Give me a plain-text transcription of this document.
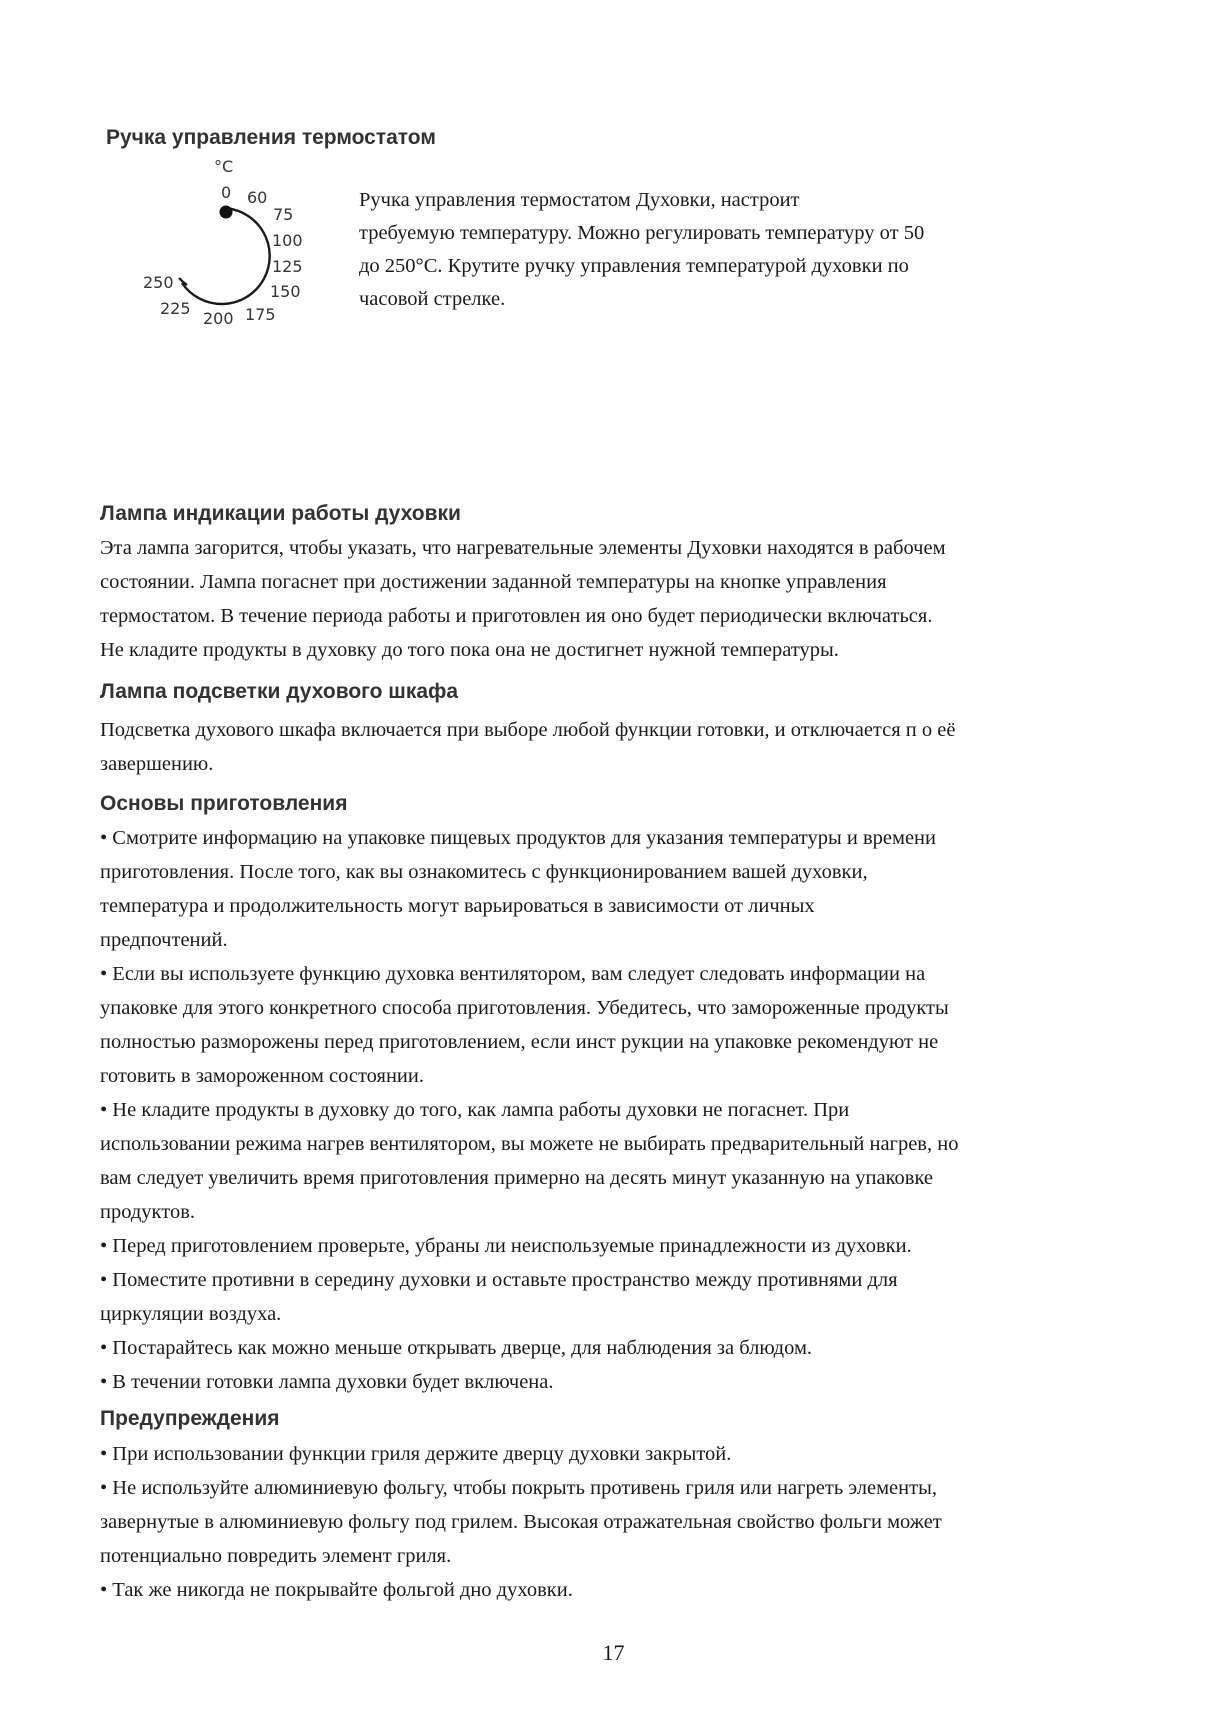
Ручка управления термостатом
°C
0 60
75
100
125
150
175
200
225
250

Ручка управления термостатом Духовки, настроит

требуемую температуру. Можно регулировать температуру от 50

до 250°C. Крутите ручку управления температурой духовки по

часовой стрелке.

Лампа индикации работы духовки

Эта лампа загорится, чтобы указать, что нагревательные элементы Духовки находятся в рабочем

состоянии. Лампа погаснет при достижении заданной температуры на кнопке управления

термостатом. В течение периода работы и приготовлен ия оно будет периодически включаться.

Не кладите продукты в духовку до того пока она не достигнет нужной температуры.

Лампа подсветки духового шкафа

Подсветка духового шкафа включается при выборе любой функции готовки, и отключается п о её

завершению.

Основы приготовления

• Смотрите информацию на упаковке пищевых продуктов для указания температуры и времени

приготовления. После того, как вы ознакомитесь с функционированием вашей духовки,

температура и продолжительность могут варьироваться в зависимости от личных

предпочтений.

• Если вы используете функцию духовка вентилятором, вам следует следовать информации на

упаковке для этого конкретного способа приготовления. Убедитесь, что замороженные продукты

полностью разморожены перед приготовлением, если инст рукции на упаковке рекомендуют не

готовить в замороженном состоянии.

• Не кладите продукты в духовку до того, как лампа работы духовки не погаснет. При

использовании режима нагрев вентилятором, вы можете не выбирать предварительный нагрев, но

вам следует увеличить время приготовления примерно на десять минут указанную на упаковке

продуктов.

• Перед приготовлением проверьте, убраны ли неиспользуемые принадлежности из духовки.

• Поместите противни в середину духовки и оставьте пространство между противнями для

циркуляции воздуха.

• Постарайтесь как можно меньше открывать дверце, для наблюдения за блюдом.

• В течении готовки лампа духовки будет включена.

Предупреждения

• При использовании функции гриля держите дверцу духовки закрытой.

• Не используйте алюминиевую фольгу, чтобы покрыть противень гриля или нагреть элементы,

завернутые в алюминиевую фольгу под грилем. Высокая отражательная свойство фольги может

потенциально повредить элемент гриля.

• Так же никогда не покрывайте фольгой дно духовки.

17
